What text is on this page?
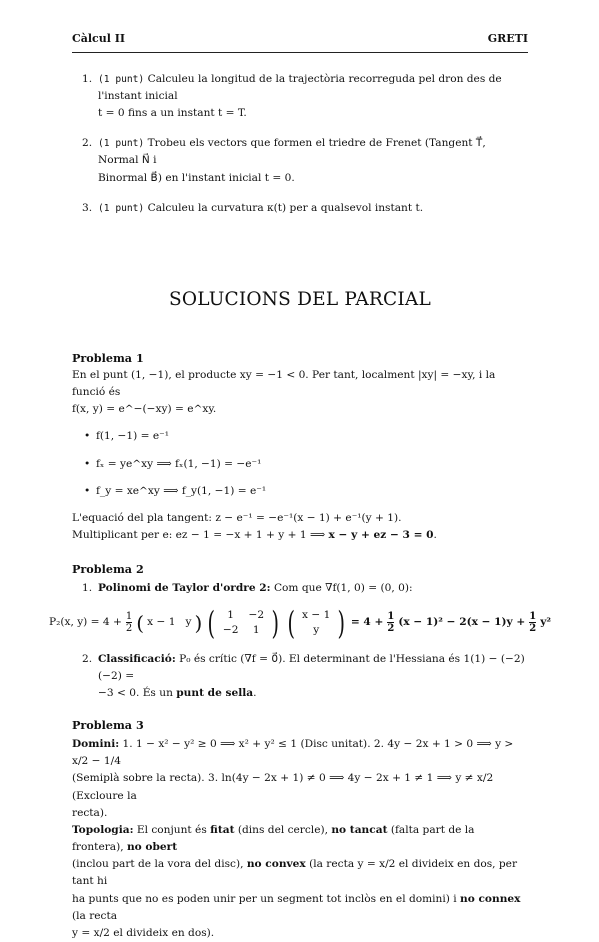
Càlcul II	GRETI
1. (1 punt) Calculeu la longitud de la trajectòria recorreguda pel dron des de l'instant inicial
t = 0 fins a un instant t = T.
2. (1 punt) Trobeu els vectors que formen el triedre de Frenet (Tangent T⃗, Normal N⃗ i
Binormal B⃗) en l'instant inicial t = 0.
3. (1 punt) Calculeu la curvatura κ(t) per a qualsevol instant t.
SOLUCIONS DEL PARCIAL
Problema 1
En el punt (1, −1), el producte xy = −1 < 0. Per tant, localment |xy| = −xy, i la funció és
f(x, y) = e^−(−xy) = e^xy.
• f(1, −1) = e⁻¹
• fₓ = ye^xy ⟹ fₓ(1, −1) = −e⁻¹
• f_y = xe^xy ⟹ f_y(1, −1) = e⁻¹
L'equació del pla tangent: z − e⁻¹ = −e⁻¹(x − 1) + e⁻¹(y + 1).
Multiplicant per e: ez − 1 = −x + 1 + y + 1 ⟹ x − y + ez − 3 = 0.
Problema 2
1. Polinomi de Taylor d'ordre 2: Com que ∇f(1, 0) = (0, 0):
P₂(x, $y) = 4 + \frac{1}{2}$ ( x − 1   y ) ( 1	−2
−2	1 ) ( x − 1
y ) = $4 + \frac{1}{2} (x - 1)^2 - 2(x - 1)y + \frac{1}{2} y^2$
2. Classificació: P₀ és crític (∇f = 0⃗). El determinant de l'Hessiana és 1(1) − (−2)(−2) =
−3 < 0. És un punt de sella.
Problema 3
Domini: 1. 1 − x² − y² ≥ 0 ⟹ x² + y² ≤ 1 (Disc unitat). 2. 4y − 2x + 1 > 0 ⟹ y > x/2 − 1/4
(Semiplà sobre la recta). 3. ln(4y − 2x + 1) ≠ 0 ⟹ 4y − 2x + 1 ≠ 1 ⟹ y ≠ x/2 (Excloure la
recta).
Topologia: El conjunt és fitat (dins del cercle), no tancat (falta part de la frontera), no obert
(inclou part de la vora del disc), no convex (la recta y = x/2 el divideix en dos, per tant hi
ha punts que no es poden unir per un segment tot inclòs en el domini) i no connex (la recta
y = x/2 el divideix en dos).
